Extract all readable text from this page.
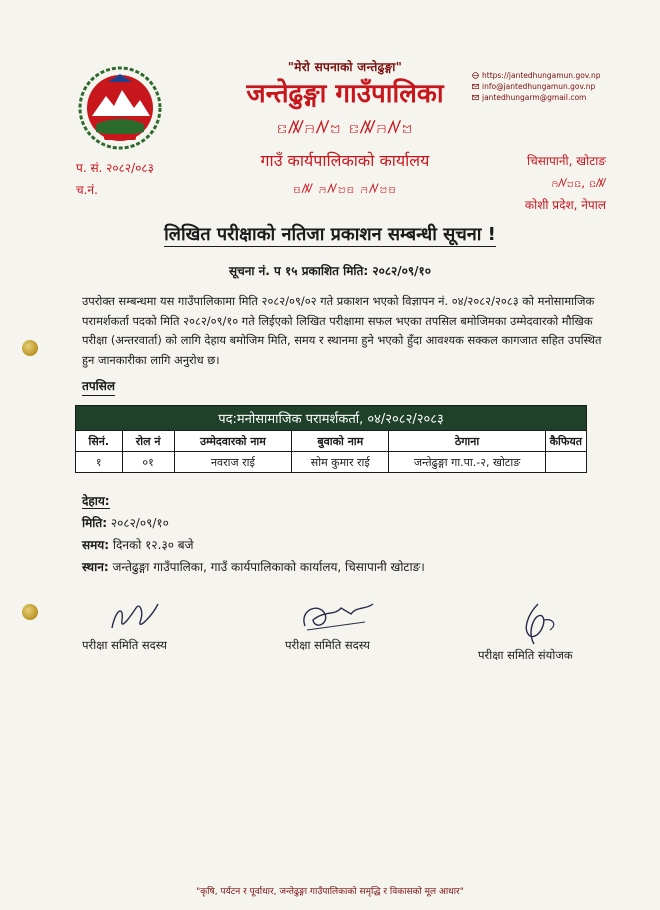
"मेरो सपनाको जन्तेढुङ्गा"
जन्तेढुङ्गा गाउँपालिका
ꤢꤲꤏꤾꤠ ꤢꤲꤏꤾꤠ
गाउँ कार्यपालिकाको कार्यालय
ꤢꤲ ꤏꤾꤠꤢ ꤏꤾꤠꤢ
https://jantedhungamun.gov.np
info@jantedhungamun.gov.np
jantedhungarm@gmail.com
प. सं. २०८२/०८३
च.नं.
चिसापानी, खोटाङ
ꤏꤾꤠꤢ, ꤢꤲ
कोशी प्रदेश, नेपाल
लिखित परीक्षाको नतिजा प्रकाशन सम्बन्धी सूचना !
सूचना नं. प १५ प्रकाशित मिति: २०८२/०९/१०
उपरोक्त सम्बन्धमा यस गाउँपालिकामा मिति २०८२/०९/०२ गते प्रकाशन भएको विज्ञापन नं. ०४/२०८२/२०८३ को मनोसामाजिक परामर्शकर्ता पदको मिति २०८२/०९/१० गते लिईएको लिखित परीक्षामा सफल भएका तपसिल बमोजिमका उम्मेदवारको मौखिक परीक्षा (अन्तरवार्ता) को लागि देहाय बमोजिम मिति, समय र स्थानमा हुने भएको हुँदा आवश्यक सक्कल कागजात सहित उपस्थित हुन जानकारीका लागि अनुरोध छ।
तपसिल
पद:मनोसामाजिक परामर्शकर्ता, ०४/२०८२/२०८३					
सिनं.	रोल नं	उम्मेदवारको नाम	बुवाको नाम	ठेगाना	कैफियत
१	०१	नवराज राई	सोम कुमार राई	जन्तेढुङ्गा गा.पा.-२, खोटाङ	
देहाय:
मिति: २०८२/०९/१०
समय: दिनको १२.३० बजे
स्थान: जन्तेढुङ्गा गाउँपालिका, गाउँ कार्यपालिकाको कार्यालय, चिसापानी खोटाङ।
परीक्षा समिति सदस्य	परीक्षा समिति सदस्य
परीक्षा समिति संयोजक
"कृषि, पर्यटन र पूर्वाधार, जन्तेढुङ्गा गाउँपालिकाको समृद्धि र विकासको मूल आधार"
